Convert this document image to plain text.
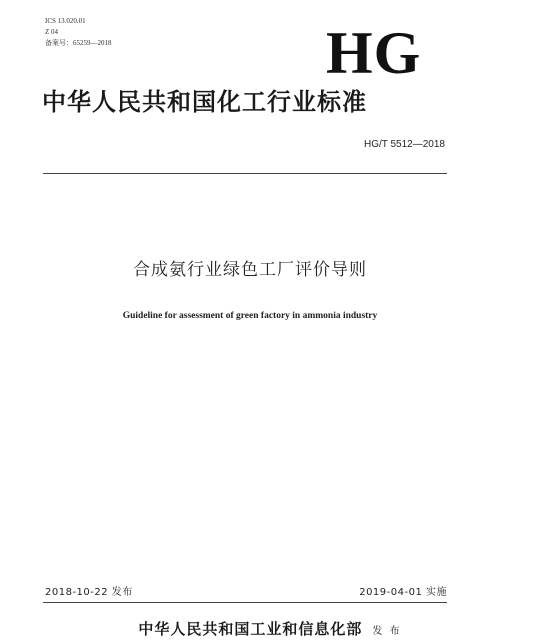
ICS 13.020.01
Z 04
备案号：65259—2018	HG
中华人民共和国化工行业标准
HG/T 5512—2018
合成氨行业绿色工厂评价导则
Guideline for assessment of green factory in ammonia industry
2018-10-22 发布	2019-04-01 实施
中华人民共和国工业和信息化部 发 布
